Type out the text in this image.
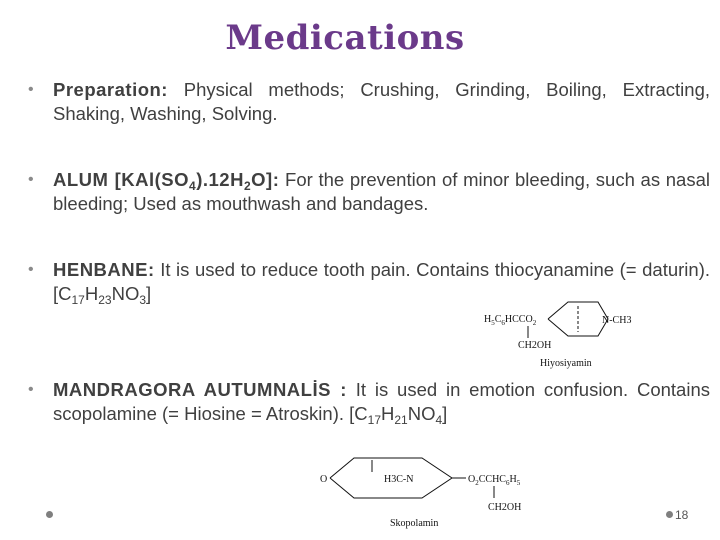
Medications
• Preparation: Physical methods; Crushing, Grinding, Boiling, Extracting, Shaking, Washing, Solving.
• ALUM $[KAl(SO_4).12H_2O]$: For the prevention of minor bleeding, such as nasal bleeding; Used as mouthwash and bandages.
• HENBANE: It is used to reduce tooth pain. Contains thiocyanamine (= $daturin).[C_{17}H_{23}NO_3]$
$H_5C_6HCCO_2$
CH2OH
N-CH3
Hiyosiyamin
• MANDRAGORA AUTUMNALİS : It is used in emotion confusion. Contains scopolamine (= Hiosine = Atroskin). $[C_{17}H_{21}NO_4]$
O	H3C-N	$O_2CCHC_6H_5$
CH2OH
Skopolamin
18
